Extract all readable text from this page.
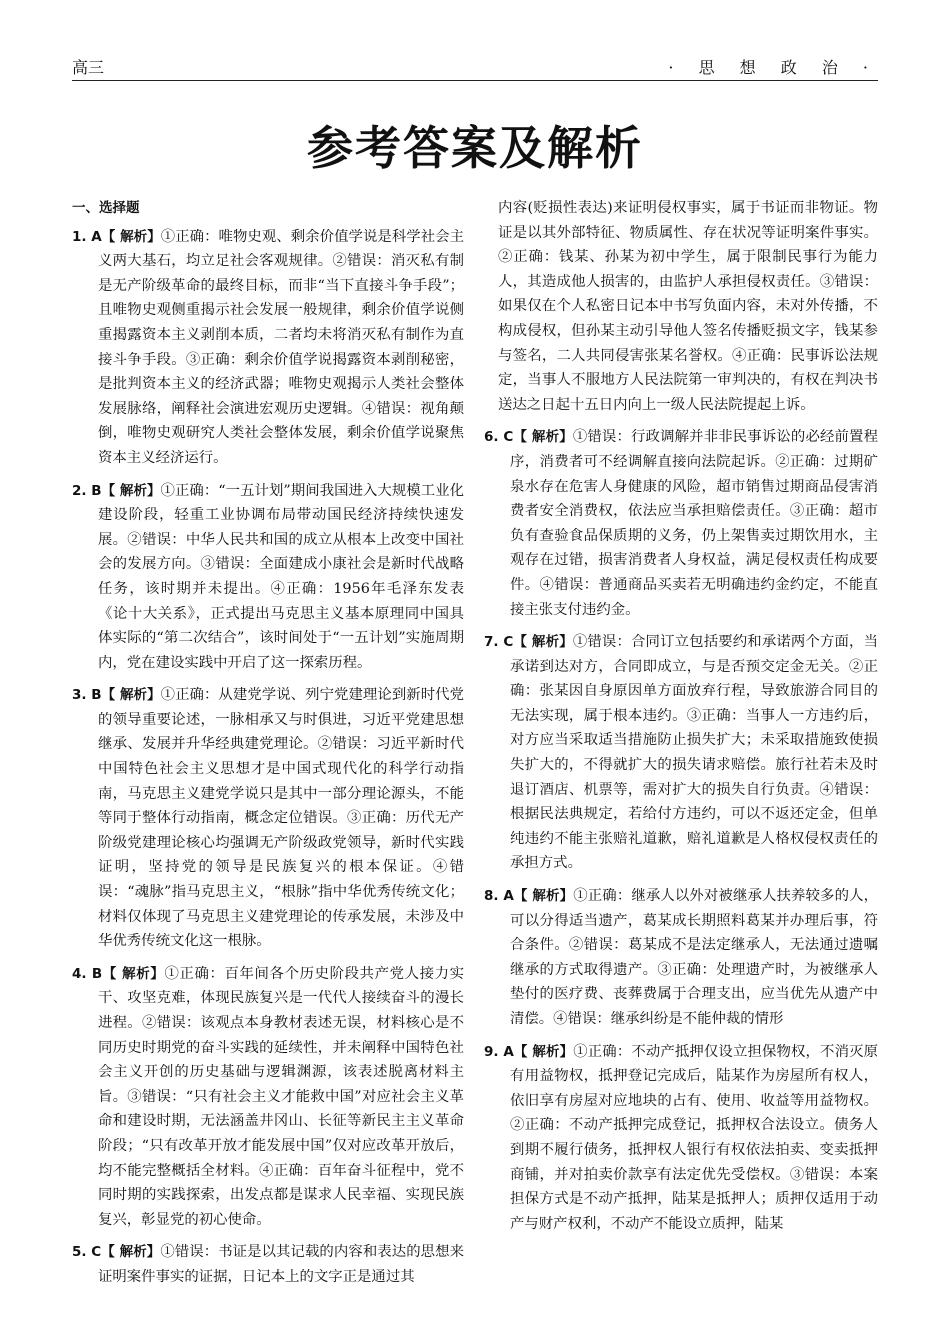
高三	· 思 想 政 治 ·
参考答案及解析
一、选择题
1. A【 解析】①正确：唯物史观、剩余价值学说是科学社会主义两大基石，均立足社会客观规律。②错误：消灭私有制是无产阶级革命的最终目标，而非“当下直接斗争手段”；且唯物史观侧重揭示社会发展一般规律，剩余价值学说侧重揭露资本主义剥削本质，二者均未将消灭私有制作为直接斗争手段。③正确：剩余价值学说揭露资本剥削秘密，是批判资本主义的经济武器；唯物史观揭示人类社会整体发展脉络，阐释社会演进宏观历史逻辑。④错误：视角颠倒，唯物史观研究人类社会整体发展，剩余价值学说聚焦资本主义经济运行。
2. B【 解析】①正确：“一五计划”期间我国进入大规模工业化建设阶段，轻重工业协调布局带动国民经济持续快速发展。②错误：中华人民共和国的成立从根本上改变中国社会的发展方向。③错误：全面建成小康社会是新时代战略任务，该时期并未提出。④正确：1956年毛泽东发表《论十大关系》，正式提出马克思主义基本原理同中国具体实际的“第二次结合”，该时间处于“一五计划”实施周期内，党在建设实践中开启了这一探索历程。
3. B【 解析】①正确：从建党学说、列宁党建理论到新时代党的领导重要论述，一脉相承又与时俱进，习近平党建思想继承、发展并升华经典建党理论。②错误：习近平新时代中国特色社会主义思想才是中国式现代化的科学行动指南，马克思主义建党学说只是其中一部分理论源头，不能等同于整体行动指南，概念定位错误。③正确：历代无产阶级党建理论核心均强调无产阶级政党领导，新时代实践证明，坚持党的领导是民族复兴的根本保证。④错误：“魂脉”指马克思主义，“根脉”指中华优秀传统文化；材料仅体现了马克思主义建党理论的传承发展，未涉及中华优秀传统文化这一根脉。
4. B【 解析】①正确：百年间各个历史阶段共产党人接力实干、攻坚克难，体现民族复兴是一代代人接续奋斗的漫长进程。②错误：该观点本身教材表述无误，材料核心是不同历史时期党的奋斗实践的延续性，并未阐释中国特色社会主义开创的历史基础与逻辑渊源，该表述脱离材料主旨。③错误：“只有社会主义才能救中国”对应社会主义革命和建设时期，无法涵盖井冈山、长征等新民主主义革命阶段；“只有改革开放才能发展中国”仅对应改革开放后，均不能完整概括全材料。④正确：百年奋斗征程中，党不同时期的实践探索，出发点都是谋求人民幸福、实现民族复兴，彰显党的初心使命。
5. C【 解析】①错误：书证是以其记载的内容和表达的思想来证明案件事实的证据，日记本上的文字正是通过其
内容(贬损性表达)来证明侵权事实，属于书证而非物证。物证是以其外部特征、物质属性、存在状况等证明案件事实。②正确：钱某、孙某为初中学生，属于限制民事行为能力人，其造成他人损害的，由监护人承担侵权责任。③错误：如果仅在个人私密日记本中书写负面内容，未对外传播，不构成侵权，但孙某主动引导他人签名传播贬损文字，钱某参与签名，二人共同侵害张某名誉权。④正确：民事诉讼法规定，当事人不服地方人民法院第一审判决的，有权在判决书送达之日起十五日内向上一级人民法院提起上诉。
6. C【 解析】①错误：行政调解并非非民事诉讼的必经前置程序，消费者可不经调解直接向法院起诉。②正确：过期矿泉水存在危害人身健康的风险，超市销售过期商品侵害消费者安全消费权，依法应当承担赔偿责任。③正确：超市负有查验食品保质期的义务，仍上架售卖过期饮用水，主观存在过错，损害消费者人身权益，满足侵权责任构成要件。④错误：普通商品买卖若无明确违约金约定，不能直接主张支付违约金。
7. C【 解析】①错误：合同订立包括要约和承诺两个方面，当承诺到达对方，合同即成立，与是否预交定金无关。②正确：张某因自身原因单方面放弃行程，导致旅游合同目的无法实现，属于根本违约。③正确：当事人一方违约后，对方应当采取适当措施防止损失扩大；未采取措施致使损失扩大的，不得就扩大的损失请求赔偿。旅行社若未及时退订酒店、机票等，需对扩大的损失自行负责。④错误：根据民法典规定，若给付方违约，可以不返还定金，但单纯违约不能主张赔礼道歉，赔礼道歉是人格权侵权责任的承担方式。
8. A【 解析】①正确：继承人以外对被继承人扶养较多的人，可以分得适当遗产，葛某成长期照料葛某并办理后事，符合条件。②错误：葛某成不是法定继承人，无法通过遗嘱继承的方式取得遗产。③正确：处理遗产时，为被继承人垫付的医疗费、丧葬费属于合理支出，应当优先从遗产中清偿。④错误：继承纠纷是不能仲裁的情形
9. A【 解析】①正确：不动产抵押仅设立担保物权，不消灭原有用益物权，抵押登记完成后，陆某作为房屋所有权人，依旧享有房屋对应地块的占有、使用、收益等用益物权。②正确：不动产抵押完成登记，抵押权合法设立。债务人到期不履行债务，抵押权人银行有权依法拍卖、变卖抵押商铺，并对拍卖价款享有法定优先受偿权。③错误：本案担保方式是不动产抵押，陆某是抵押人；质押仅适用于动产与财产权利，不动产不能设立质押，陆某
